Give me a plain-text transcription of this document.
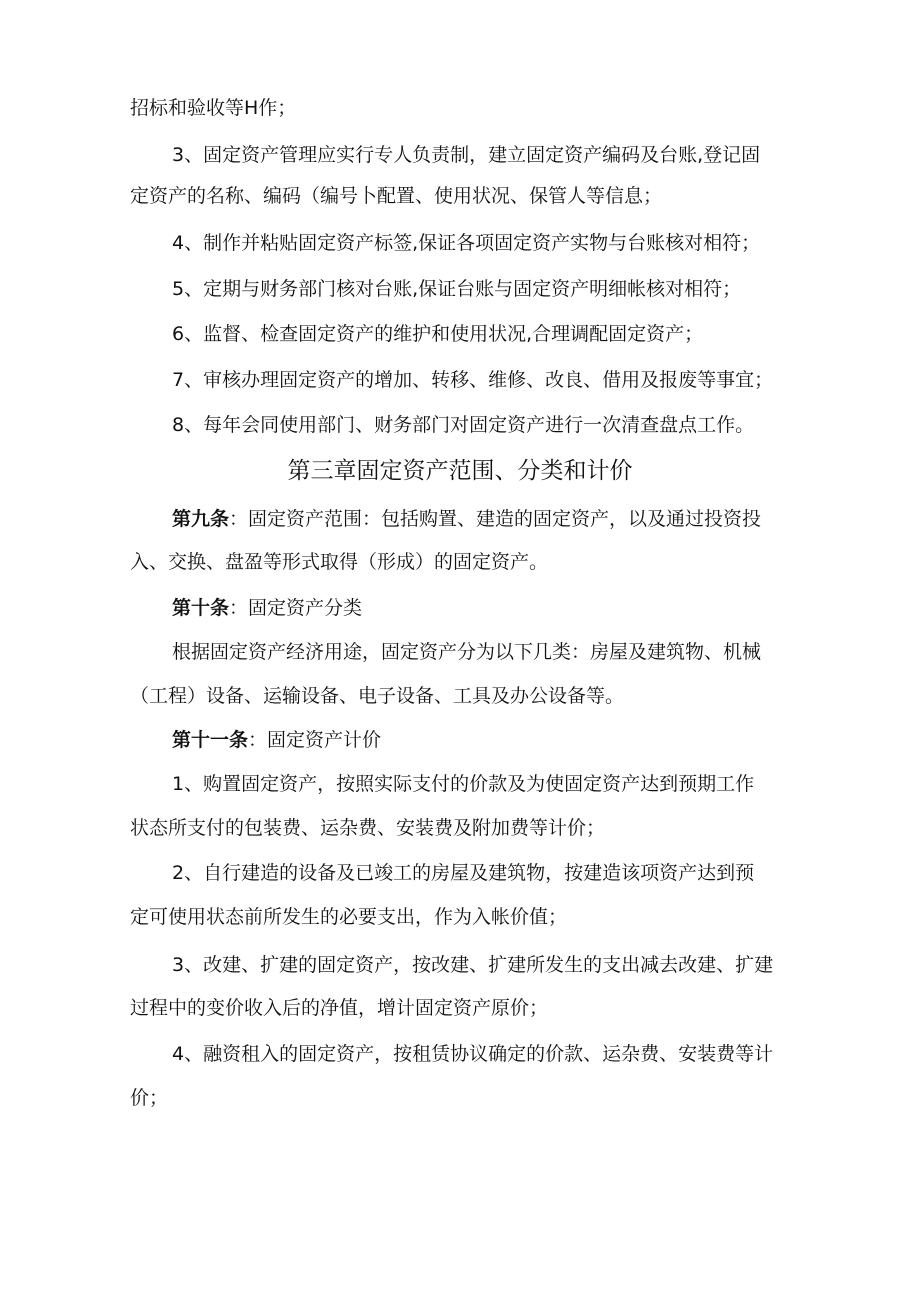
招标和验收等H作；
3、固定资产管理应实行专人负责制，建立固定资产编码及台账,登记固
定资产的名称、编码（编号卜配置、使用状况、保管人等信息；
4、制作并粘贴固定资产标签,保证各项固定资产实物与台账核对相符；
5、定期与财务部门核对台账,保证台账与固定资产明细帐核对相符；
6、监督、检查固定资产的维护和使用状况,合理调配固定资产；
7、审核办理固定资产的增加、转移、维修、改良、借用及报废等事宜；
8、每年会同使用部门、财务部门对固定资产进行一次清查盘点工作。
第三章固定资产范围、分类和计价
第九条：固定资产范围：包括购置、建造的固定资产，以及通过投资投
入、交换、盘盈等形式取得（形成）的固定资产。
第十条：固定资产分类
根据固定资产经济用途，固定资产分为以下几类：房屋及建筑物、机械
（工程）设备、运输设备、电子设备、工具及办公设备等。
第十一条：固定资产计价
1、购置固定资产，按照实际支付的价款及为使固定资产达到预期工作
状态所支付的包装费、运杂费、安装费及附加费等计价；
2、自行建造的设备及已竣工的房屋及建筑物，按建造该项资产达到预
定可使用状态前所发生的必要支出，作为入帐价值；
3、改建、扩建的固定资产，按改建、扩建所发生的支出减去改建、扩建
过程中的变价收入后的净值，增计固定资产原价；
4、融资租入的固定资产，按租赁协议确定的价款、运杂费、安装费等计
价；
